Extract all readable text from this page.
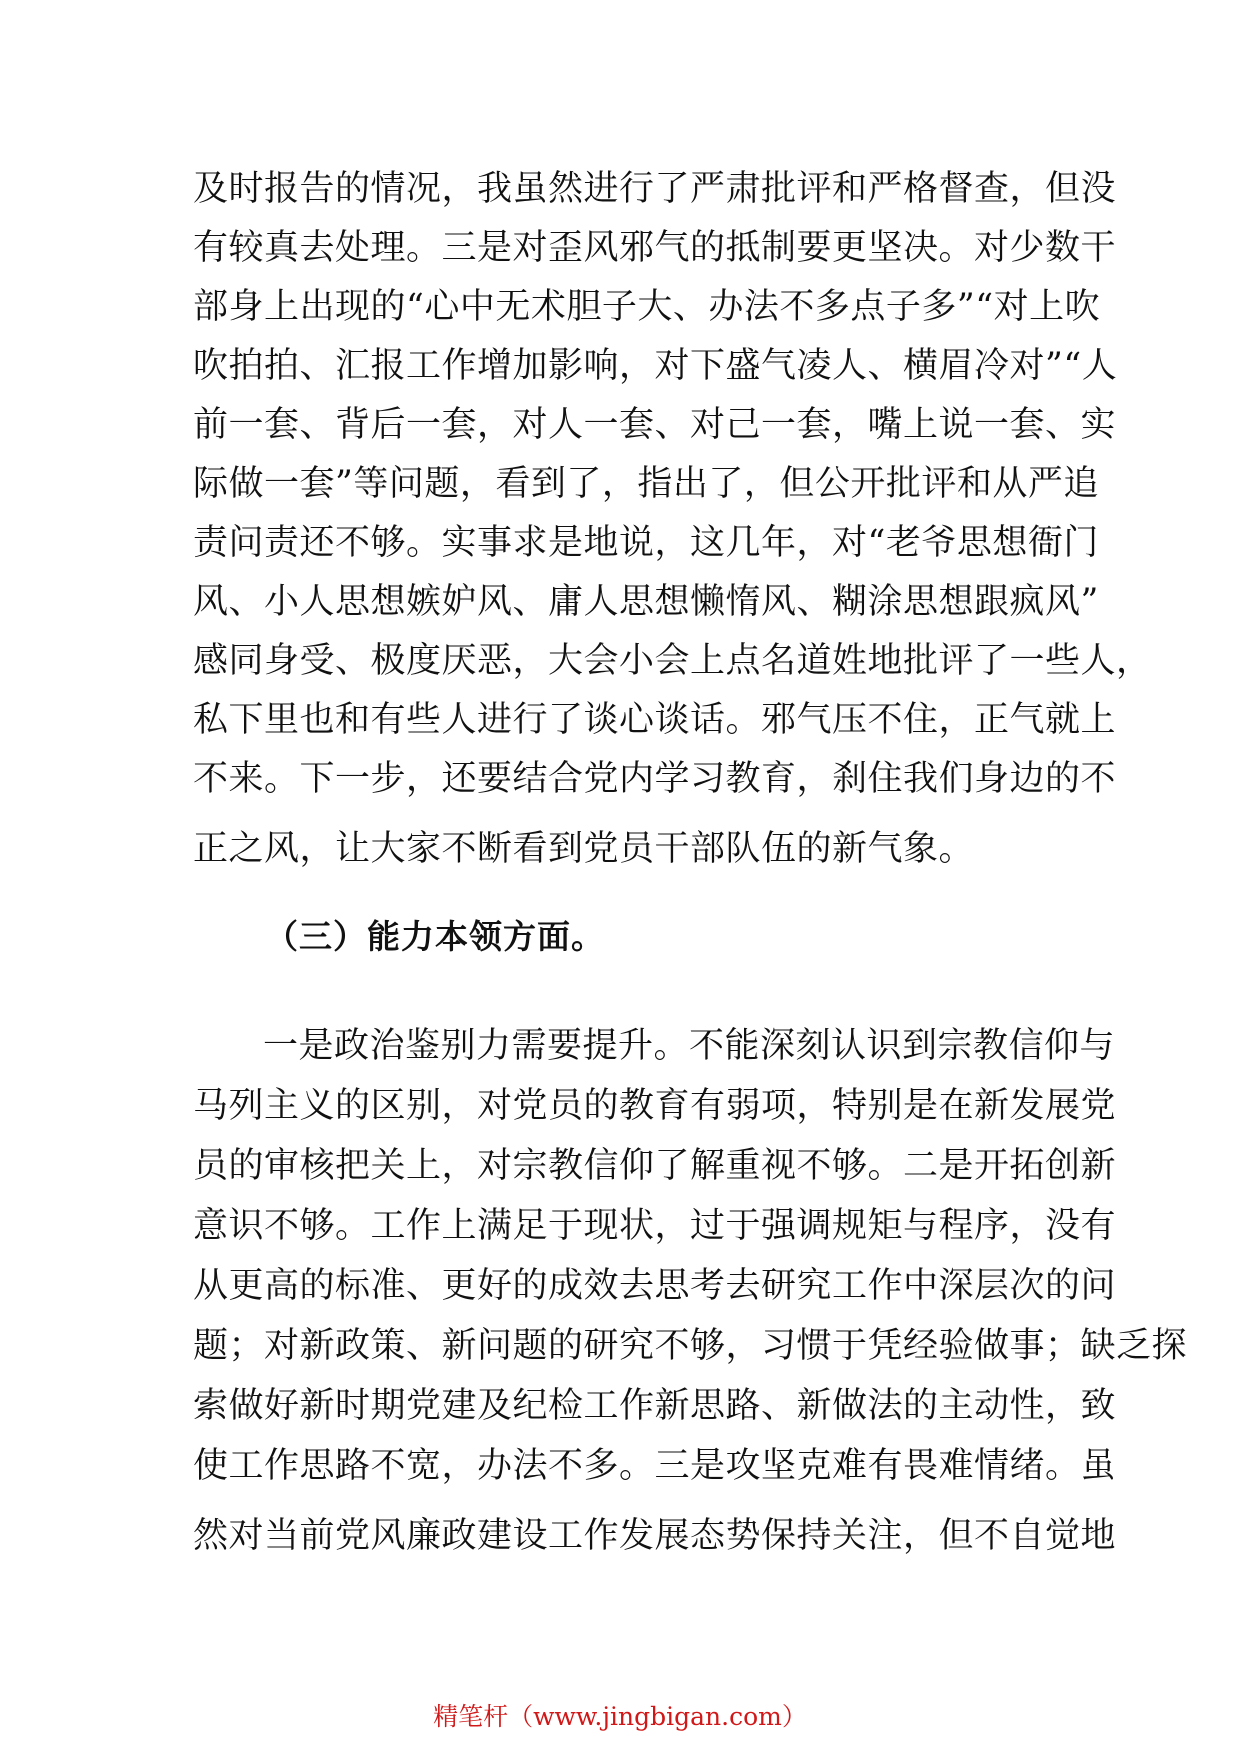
及时报告的情况，我虽然进行了严肃批评和严格督查，但没
有较真去处理。三是对歪风邪气的抵制要更坚决。对少数干
部身上出现的“心中无术胆子大、办法不多点子多”“对上吹
吹拍拍、汇报工作增加影响，对下盛气凌人、横眉冷对”“人
前一套、背后一套，对人一套、对己一套，嘴上说一套、实
际做一套”等问题，看到了，指出了，但公开批评和从严追
责问责还不够。实事求是地说，这几年，对“老爷思想衙门
风、小人思想嫉妒风、庸人思想懒惰风、糊涂思想跟疯风”
感同身受、极度厌恶，大会小会上点名道姓地批评了一些人，
私下里也和有些人进行了谈心谈话。邪气压不住，正气就上
不来。下一步，还要结合党内学习教育，刹住我们身边的不
正之风，让大家不断看到党员干部队伍的新气象。
（三）能力本领方面。
一是政治鉴别力需要提升。不能深刻认识到宗教信仰与
马列主义的区别，对党员的教育有弱项，特别是在新发展党
员的审核把关上，对宗教信仰了解重视不够。二是开拓创新
意识不够。工作上满足于现状，过于强调规矩与程序，没有
从更高的标准、更好的成效去思考去研究工作中深层次的问
题；对新政策、新问题的研究不够，习惯于凭经验做事；缺乏探
索做好新时期党建及纪检工作新思路、新做法的主动性，致
使工作思路不宽，办法不多。三是攻坚克难有畏难情绪。虽
然对当前党风廉政建设工作发展态势保持关注，但不自觉地
精笔杆（www.jingbigan.com）
